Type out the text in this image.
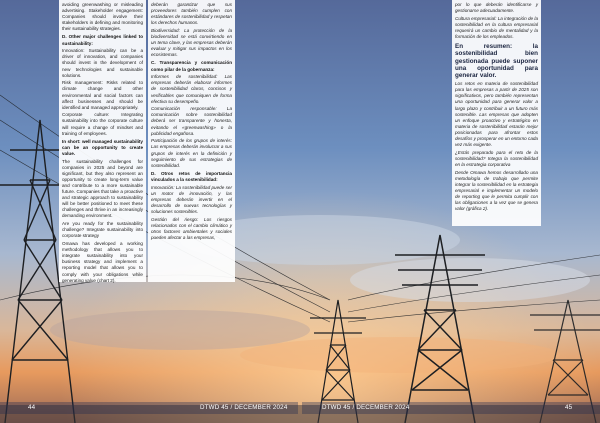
avoiding greenwashing or misleading advertising. Stakeholder engagement: Companies should involve their stakeholders in defining and monitoring their sustainability strategies.

D. Other major challenges linked to sustainability:

Innovation: Sustainability can be a driver of innovation, and companies should invest in the development of new technologies and sustainable solutions.

Risk management: Risks related to climate change and other environmental and social factors can affect businesses and should be identified and managed appropriately.

Corporate culture: Integrating sustainability into the corporate culture will require a change of mindset and training of employees.

In short: well managed sustainability can be an opportunity to create value.

The sustainability challenges for companies in 2025 and beyond are significant, but they also represent an opportunity to create long-term value and contribute to a more sustainable future. Companies that take a proactive and strategic approach to sustainability will be better positioned to meet these challenges and thrive in an increasingly demanding environment.

Are you ready for the sustainability challenge? Integrate sustainability into corporate strategy

Omawa has developed a working methodology that allows you to integrate sustainability into your business strategy and implement a reporting model that allows you to comply with your obligations while generating value (chart 2).

deberán garantizar que sus proveedores también cumplen con estándares de sostenibilidad y respetan los derechos humanos.

Biodiversidad: La protección de la biodiversidad se está convirtiendo en un tema clave, y las empresas deberán evaluar y mitigar sus impactos en los ecosistemas.

C. Transparencia y comunicación como pilar de la gobernanza:

Informes de sostenibilidad: Las empresas deberán elaborar informes de sostenibilidad claros, concisos y verificables que comuniquen de forma efectiva su desempeño.

Comunicación responsable: La comunicación sobre sostenibilidad deberá ser transparente y honesta, evitando el «greenwashing» o la publicidad engañosa.

Participación de los grupos de interés: Las empresas deberán involucrar a sus grupos de interés en la definición y seguimiento de sus estrategias de sostenibilidad.

D. Otros retos de importancia vinculados a la sostenibilidad:

Innovación: La sostenibilidad puede ser un motor de innovación, y las empresas deberán invertir en el desarrollo de nuevas tecnologías y soluciones sostenibles.

Gestión del riesgo: Los riesgos relacionados con el cambio climático y otros factores ambientales y sociales pueden afectar a las empresas,

por lo que deberán identificarse y gestionarse adecuadamente.

Cultura empresarial: La integración de la sostenibilidad en la cultura empresarial requerirá un cambio de mentalidad y la formación de los empleados.

En resumen: la sostenibilidad bien gestionada puede suponer una oportunidad para generar valor.

Los retos en materia de sostenibilidad para las empresas a partir de 2025 son significativos, pero también representan una oportunidad para generar valor a largo plazo y contribuir a un futuro más sostenible. Las empresas que adopten un enfoque proactivo y estratégico en materia de sostenibilidad estarán mejor posicionadas para afrontar estos desafíos y prosperar en un entorno cada vez más exigente.

¿Estás preparado para el reto de la sostenibilidad? Integra la sostenibilidad en la estrategia corporativa

Desde Omawa hemos desarrollado una metodología de trabajo que permite integrar la sostenibilidad en la estrategia empresarial e implementar un modelo de reporting que le permita cumplir con las obligaciones a la vez que se genera valor (gráfica 2).

44	DTWD 45 / DECEMBER 2024	DTWD 45 / DECEMBER 2024	45
